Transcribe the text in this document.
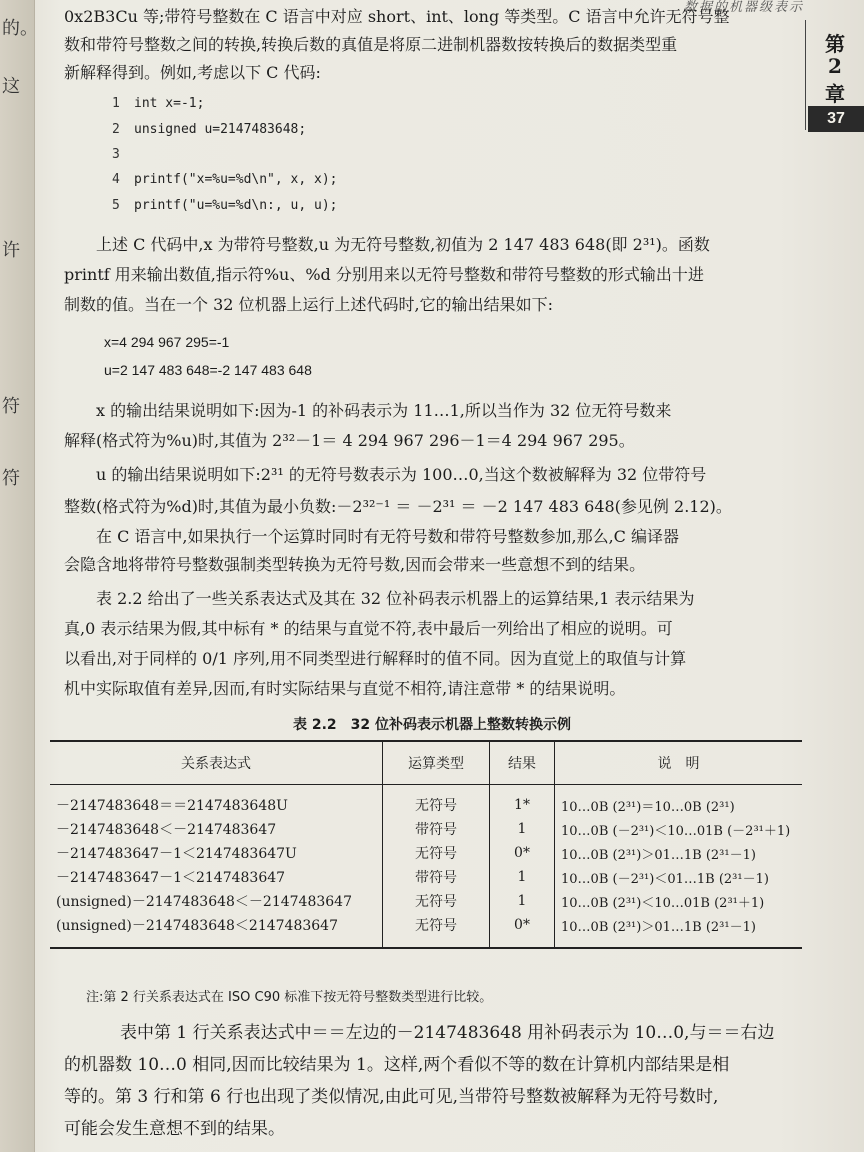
的。
这
许
符
符
数据的机器级表示
第
2
章
37
0x2B3Cu 等;带符号整数在 C 语言中对应 short、int、long 等类型。C 语言中允许无符号整
数和带符号整数之间的转换,转换后数的真值是将原二进制机器数按转换后的数据类型重
新解释得到。例如,考虑以下 C 代码:
1 int x=-1;
2 unsigned u=2147483648;
3
4 printf("x=%u=%d\n", x, x);
5 printf("u=%u=%d\n:, u, u);
　　上述 C 代码中,x 为带符号整数,u 为无符号整数,初值为 2 147 483 648(即 2³¹)。函数
printf 用来输出数值,指示符%u、%d 分别用来以无符号整数和带符号整数的形式输出十进
制数的值。当在一个 32 位机器上运行上述代码时,它的输出结果如下:
x=4 294 967 295=-1
u=2 147 483 648=-2 147 483 648
　　x 的输出结果说明如下:因为-1 的补码表示为 11…1,所以当作为 32 位无符号数来
解释(格式符为%u)时,其值为 2³²－1＝ 4 294 967 296－1＝4 294 967 295。
　　u 的输出结果说明如下:2³¹ 的无符号数表示为 100…0,当这个数被解释为 32 位带符号
整数(格式符为%d)时,其值为最小负数:－2³²⁻¹ ＝ －2³¹ ＝ －2 147 483 648(参见例 2.12)。
　　在 C 语言中,如果执行一个运算时同时有无符号数和带符号整数参加,那么,C 编译器
会隐含地将带符号整数强制类型转换为无符号数,因而会带来一些意想不到的结果。
　　表 2.2 给出了一些关系表达式及其在 32 位补码表示机器上的运算结果,1 表示结果为
真,0 表示结果为假,其中标有 * 的结果与直觉不符,表中最后一列给出了相应的说明。可
以看出,对于同样的 0/1 序列,用不同类型进行解释时的值不同。因为直觉上的取值与计算
机中实际取值有差异,因而,有时实际结果与直觉不相符,请注意带 * 的结果说明。
表 2.2　32 位补码表示机器上整数转换示例
关系表达式	运算类型	结果	说　明
－2147483648＝＝2147483648U	无符号	1*	10…0B (2³¹)＝10…0B (2³¹)
－2147483648＜－2147483647	带符号	1	10…0B (－2³¹)＜10…01B (－2³¹＋1)
－2147483647－1＜2147483647U	无符号	0*	10…0B (2³¹)＞01…1B (2³¹－1)
－2147483647－1＜2147483647	带符号	1	10…0B (－2³¹)＜01…1B (2³¹－1)
(unsigned)－2147483648＜－2147483647	无符号	1	10…0B (2³¹)＜10…01B (2³¹＋1)
(unsigned)－2147483648＜2147483647	无符号	0*	10…0B (2³¹)＞01…1B (2³¹－1)
注:第 2 行关系表达式在 ISO C90 标准下按无符号整数类型进行比较。
　　表中第 1 行关系表达式中＝＝左边的－2147483648 用补码表示为 10…0,与＝＝右边
的机器数 10…0 相同,因而比较结果为 1。这样,两个看似不等的数在计算机内部结果是相
等的。第 3 行和第 6 行也出现了类似情况,由此可见,当带符号整数被解释为无符号数时,
可能会发生意想不到的结果。
